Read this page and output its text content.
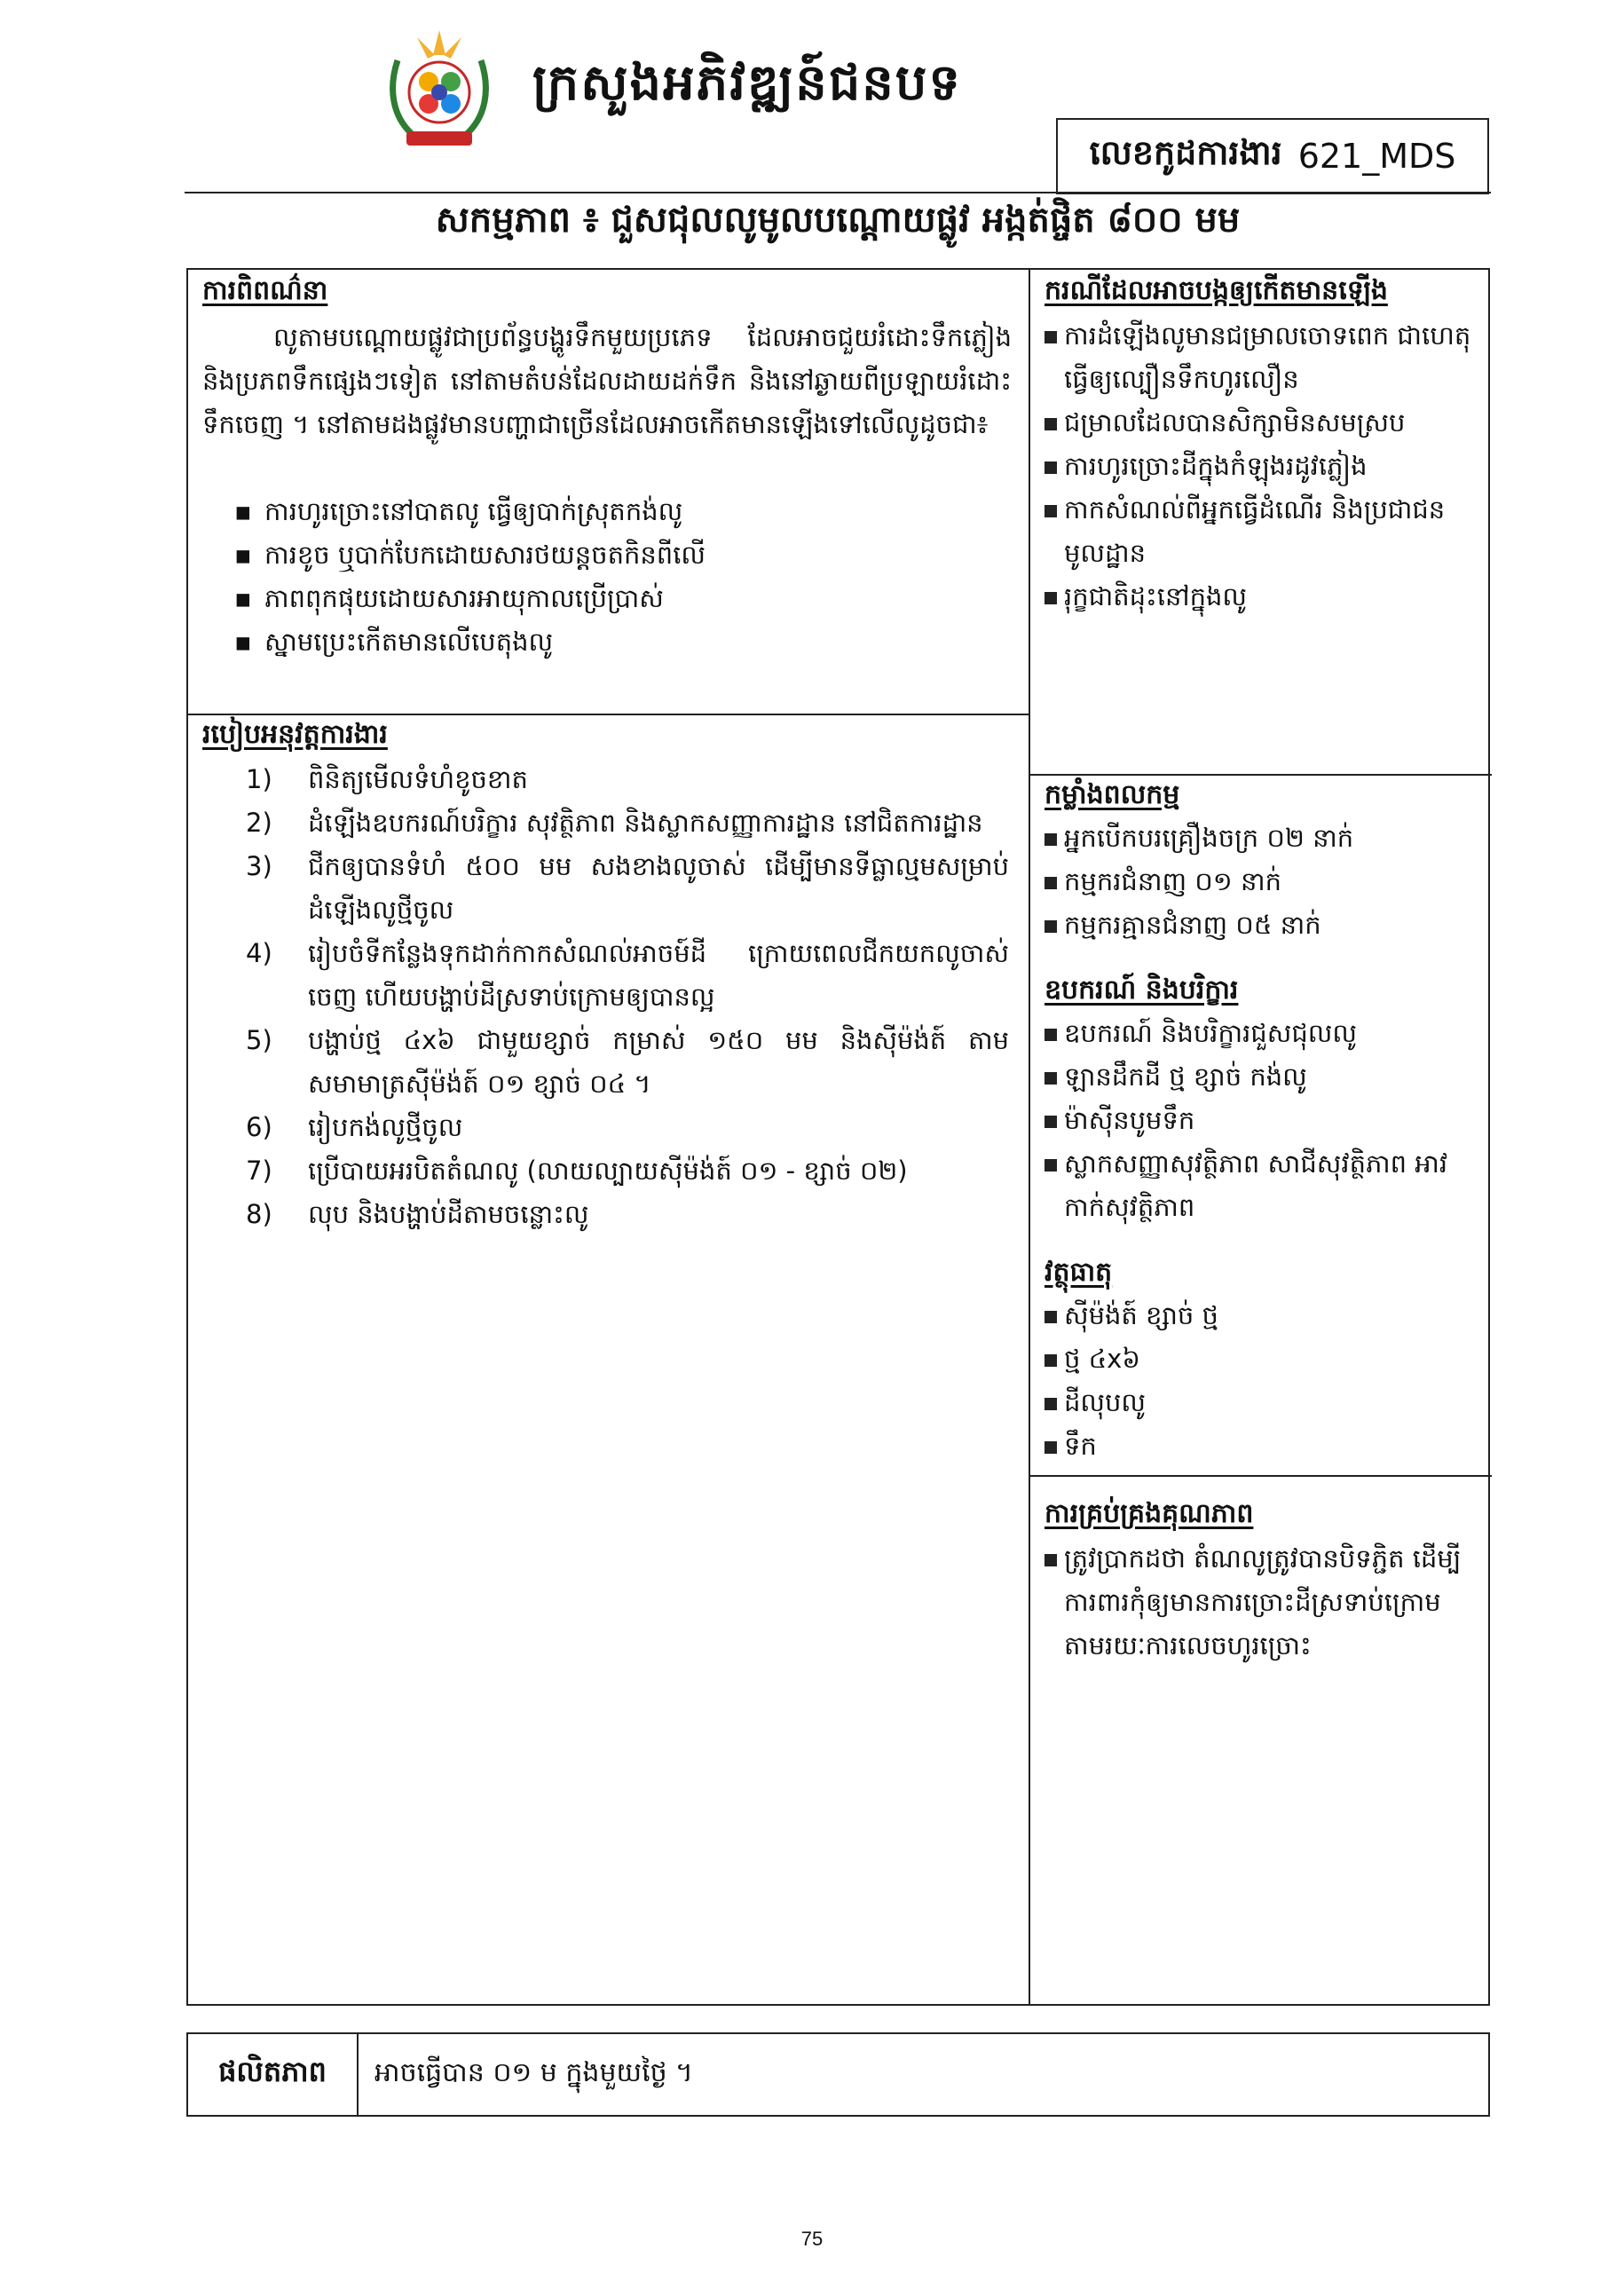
ក្រសួងអភិវឌ្ឍន៍ជនបទ
លេខកូដការងារ 621_MDS
សកម្មភាព ៖ ជួសជុលលូមូលបណ្តោយផ្លូវ អង្កត់ផ្ចិត ៨០០ មម
ការពិពណ៌នា
លូតាមបណ្តោយផ្លូវជាប្រព័ន្ធបង្ហូរទឹកមួយប្រភេទ ដែលអាចជួយរំដោះទឹកភ្លៀង និងប្រភពទឹកផ្សេងៗទៀត នៅតាមតំបន់ដែលដាយដក់ទឹក និងនៅឆ្ងាយពីប្រឡាយរំដោះទឹកចេញ ។ នៅតាមដងផ្លូវមានបញ្ហាជាច្រើនដែលអាចកើតមានឡើងទៅលើលូដូចជា៖
▪ ការហូរច្រោះនៅបាតលូ ធ្វើឲ្យបាក់ស្រុតកង់លូ
▪ ការខូច ឬបាក់បែកដោយសារថយន្តចតកិនពីលើ
▪ ភាពពុកផុយដោយសារអាយុកាលប្រើប្រាស់
▪ ស្នាមប្រេះកើតមានលើបេតុងលូ
របៀបអនុវត្តការងារ
1)	ពិនិត្យមើលទំហំខូចខាត
2)	ដំឡើងឧបករណ៍បរិក្ខារ សុវត្ថិភាព និងស្លាកសញ្ញាការដ្ឋាន នៅជិតការដ្ឋាន
3)	ជីកឲ្យបានទំហំ ៥០០ មម សងខាងលូចាស់ ដើម្បីមានទីធ្លាល្មមសម្រាប់ដំឡើងលូថ្មីចូល
4)	រៀបចំទីកន្លែងទុកដាក់កាកសំណល់អាចម៍ដី ក្រោយពេលជីកយកលូចាស់ចេញ ហើយបង្ហាប់ដីស្រទាប់ក្រោមឲ្យបានល្អ
5)	បង្ហាប់ថ្ម ៤x៦ ជាមួយខ្សាច់ កម្រាស់ ១៥០ មម និងស៊ីម៉ង់ត៍ តាមសមាមាត្រស៊ីម៉ង់ត៍ ០១ ខ្សាច់ ០៤ ។
6)	រៀបកង់លូថ្មីចូល
7)	ប្រើបាយអរបិតតំណលូ (លាយល្បាយស៊ីម៉ង់ត៍ ០១ - ខ្សាច់ ០២)
8)	លុប និងបង្ហាប់ដីតាមចន្លោះលូ
ករណីដែលអាចបង្កឲ្យកើតមានឡើង
ការដំឡើងលូមានជម្រាលចោទពេក ជាហេតុ
ធ្វើឲ្យល្បឿនទឹកហូរលឿន
ជម្រាលដែលបានសិក្សាមិនសមស្រប
ការហូរច្រោះដីក្នុងកំឡុងរដូវភ្លៀង
កាកសំណល់ពីអ្នកធ្វើដំណើរ និងប្រជាជន
មូលដ្ឋាន
រុក្ខជាតិដុះនៅក្នុងលូ
កម្លាំងពលកម្ម
អ្នកបើកបរគ្រឿងចក្រ ០២ នាក់
កម្មករជំនាញ ០១ នាក់
កម្មករគ្មានជំនាញ ០៥ នាក់
ឧបករណ៍ និងបរិក្ខារ
ឧបករណ៍ និងបរិក្ខារជួសជុលលូ
ឡានដឹកដី ថ្ម ខ្សាច់ កង់លូ
ម៉ាស៊ីនបូមទឹក
ស្លាកសញ្ញាសុវត្ថិភាព សាជីសុវត្ថិភាព អាវ
កាក់សុវត្ថិភាព
វត្ថុធាតុ
ស៊ីម៉ង់ត៍ ខ្សាច់ ថ្ម
ថ្ម ៤x៦
ដីលុបលូ
ទឹក
ការគ្រប់គ្រងគុណភាព
ត្រូវប្រាកដថា តំណលូត្រូវបានបិទភ្ជិត ដើម្បី
ការពារកុំឲ្យមានការច្រោះដីស្រទាប់ក្រោម
តាមរយៈការលេចហូរច្រោះ
ផលិតភាព	អាចធ្វើបាន ០១ ម ក្នុងមួយថ្ងៃ ។
75
